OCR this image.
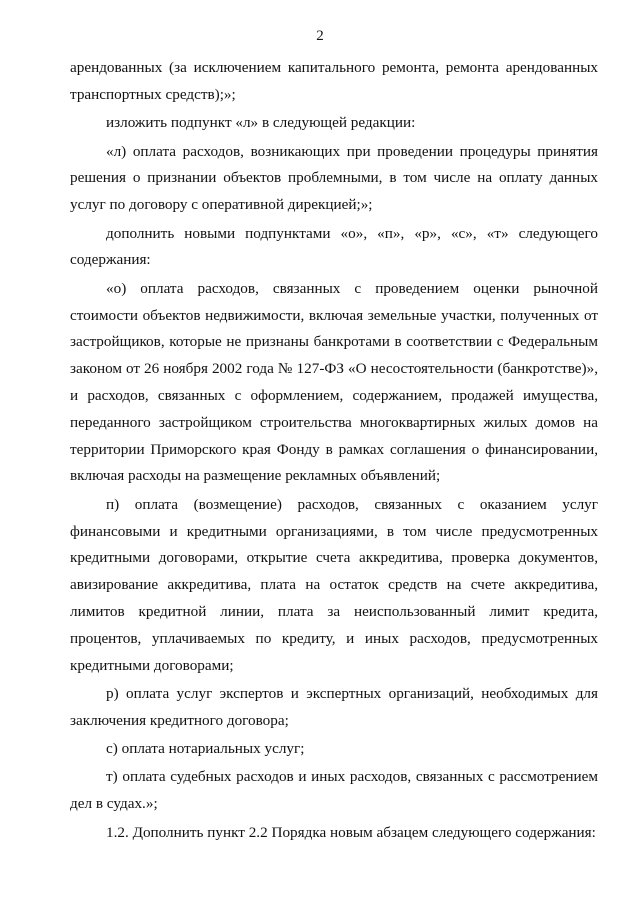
2

арендованных (за исключением капитального ремонта, ремонта арендованных транспортных средств);»;

изложить подпункт «л» в следующей редакции:

«л) оплата расходов, возникающих при проведении процедуры принятия решения о признании объектов проблемными, в том числе на оплату данных услуг по договору с оперативной дирекцией;»;

дополнить новыми подпунктами «о», «п», «р», «с», «т» следующего содержания:

«о) оплата расходов, связанных с проведением оценки рыночной стоимости объектов недвижимости, включая земельные участки, полученных от застройщиков, которые не признаны банкротами в соответствии с Федеральным законом от 26 ноября 2002 года № 127-ФЗ «О несостоятельности (банкротстве)», и расходов, связанных с оформлением, содержанием, продажей имущества, переданного застройщиком строительства многоквартирных жилых домов на территории Приморского края Фонду в рамках соглашения о финансировании, включая расходы на размещение рекламных объявлений;

п) оплата (возмещение) расходов, связанных с оказанием услуг финансовыми и кредитными организациями, в том числе предусмотренных кредитными договорами, открытие счета аккредитива, проверка документов, авизирование аккредитива, плата на остаток средств на счете аккредитива, лимитов кредитной линии, плата за неиспользованный лимит кредита, процентов, уплачиваемых по кредиту, и иных расходов, предусмотренных кредитными договорами;

р) оплата услуг экспертов и экспертных организаций, необходимых для заключения кредитного договора;

с) оплата нотариальных услуг;

т) оплата судебных расходов и иных расходов, связанных с рассмотрением дел в судах.»;

1.2. Дополнить пункт 2.2 Порядка новым абзацем следующего содержания:
